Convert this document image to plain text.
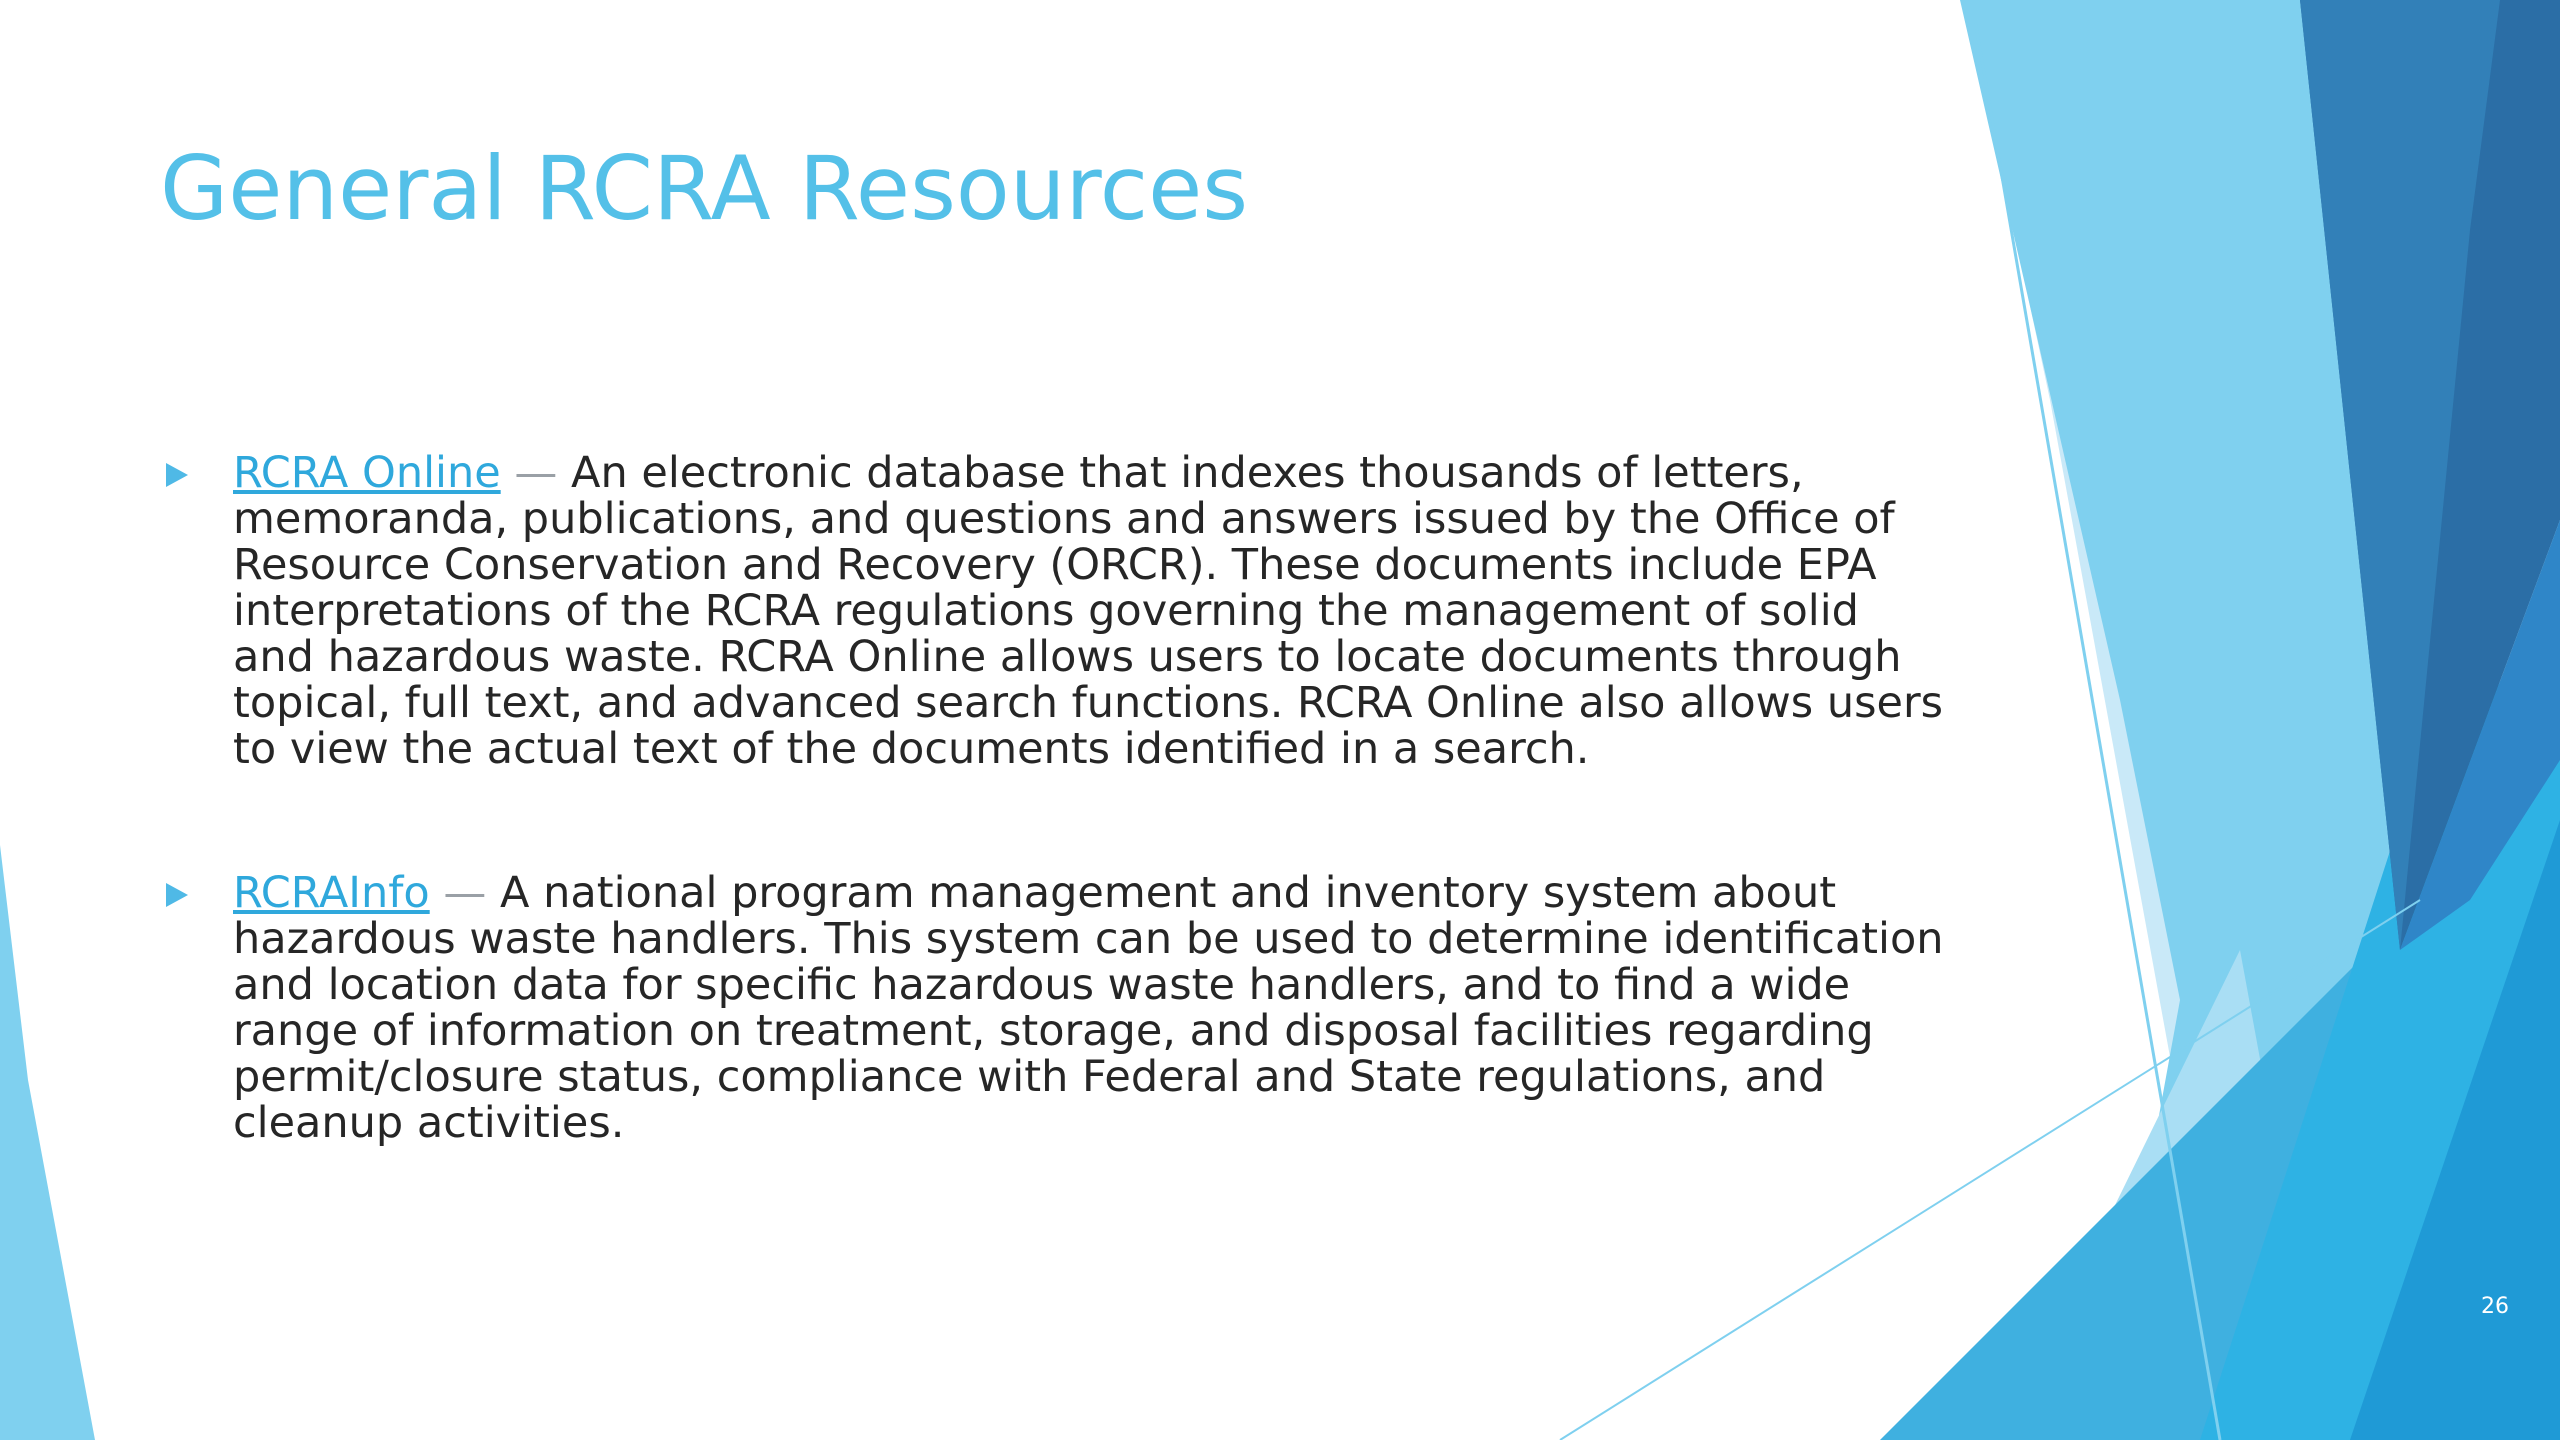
General RCRA Resources
RCRA Online — An electronic database that indexes thousands of letters, memoranda, publications, and questions and answers issued by the Office of Resource Conservation and Recovery (ORCR). These documents include EPA interpretations of the RCRA regulations governing the management of solid and hazardous waste. RCRA Online allows users to locate documents through topical, full text, and advanced search functions. RCRA Online also allows users to view the actual text of the documents identified in a search.
RCRAInfo — A national program management and inventory system about hazardous waste handlers. This system can be used to determine identification and location data for specific hazardous waste handlers, and to find a wide range of information on treatment, storage, and disposal facilities regarding permit/closure status, compliance with Federal and State regulations, and cleanup activities.
26
